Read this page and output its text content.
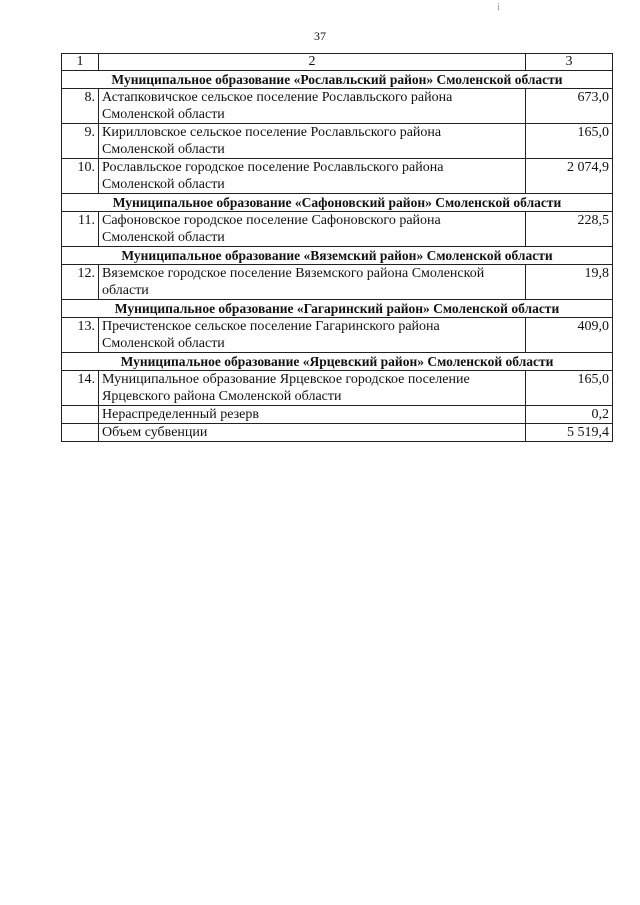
37
ⅰ
1	2	3
Муниципальное образование «Рославльский район» Смоленской области		
8.	Астапковичское сельское поселение Рославльского района
Смоленской области	673,0
9.	Кирилловское сельское поселение Рославльского района
Смоленской области	165,0
10.	Рославльское городское поселение Рославльского района
Смоленской области	2 074,9
Муниципальное образование «Сафоновский район» Смоленской области		
11.	Сафоновское городское поселение Сафоновского района
Смоленской области	228,5
Муниципальное образование «Вяземский район» Смоленской области		
12.	Вяземское городское поселение Вяземского района Смоленской
области	19,8
Муниципальное образование «Гагаринский район» Смоленской области		
13.	Пречистенское сельское поселение Гагаринского района
Смоленской области	409,0
Муниципальное образование «Ярцевский район» Смоленской области		
14.	Муниципальное образование Ярцевское городское поселение
Ярцевского района Смоленской области	165,0
	Нераспределенный резерв	0,2
	Объем субвенции	5 519,4
